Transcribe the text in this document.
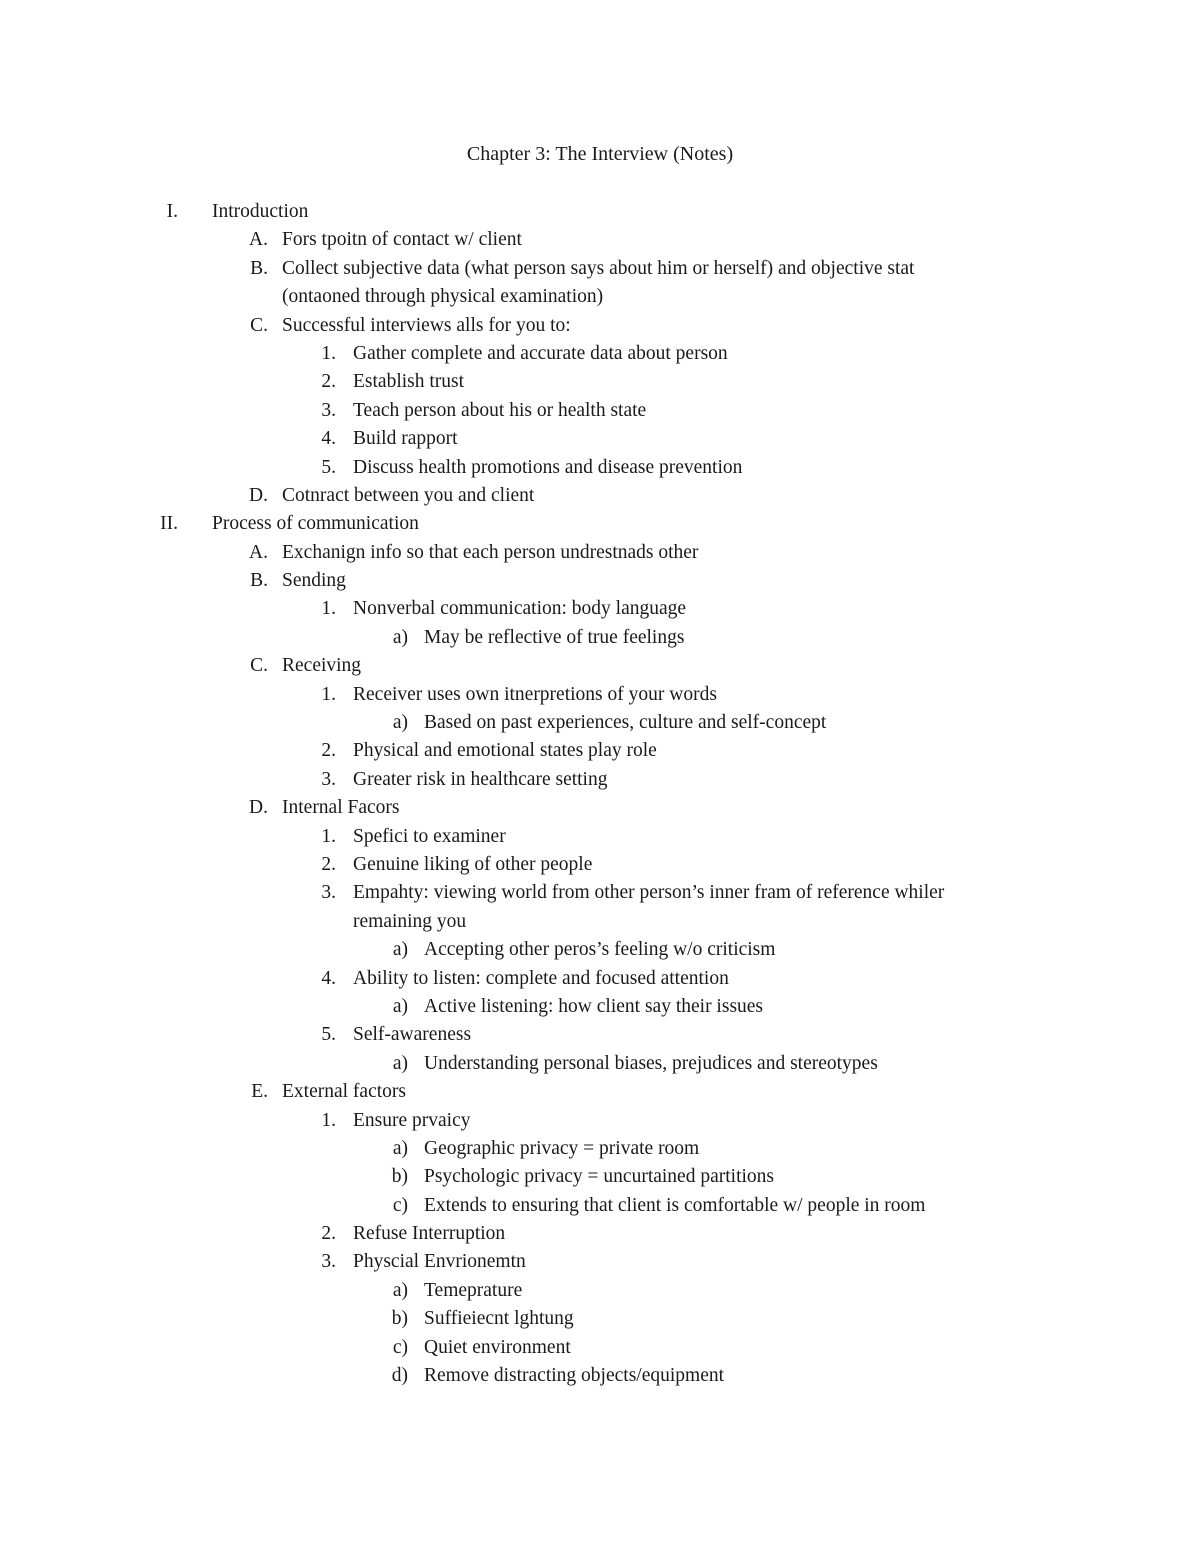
Chapter 3: The Interview (Notes)
I. Introduction
A. Fors tpoitn of contact w/ client
B. Collect subjective data (what person says about him or herself) and objective stat (ontaoned through physical examination)
C. Successful interviews alls for you to:
1. Gather complete and accurate data about person
2. Establish trust
3. Teach person about his or health state
4. Build rapport
5. Discuss health promotions and disease prevention
D. Cotnract between you and client
II. Process of communication
A. Exchanign info so that each person undrestnads other
B. Sending
1. Nonverbal communication: body language
a) May be reflective of true feelings
C. Receiving
1. Receiver uses own itnerpretions of your words
a) Based on past experiences, culture and self-concept
2. Physical and emotional states play role
3. Greater risk in healthcare setting
D. Internal Facors
1. Spefici to examiner
2. Genuine liking of other people
3. Empahty: viewing world from other person’s inner fram of reference whiler remaining you
a) Accepting other peros’s feeling w/o criticism
4. Ability to listen: complete and focused attention
a) Active listening: how client say their issues
5. Self-awareness
a) Understanding personal biases, prejudices and stereotypes
E. External factors
1. Ensure prvaicy
a) Geographic privacy = private room
b) Psychologic privacy = uncurtained partitions
c) Extends to ensuring that client is comfortable w/ people in room
2. Refuse Interruption
3. Physcial Envrionemtn
a) Temeprature
b) Suffieiecnt lghtung
c) Quiet environment
d) Remove distracting objects/equipment
